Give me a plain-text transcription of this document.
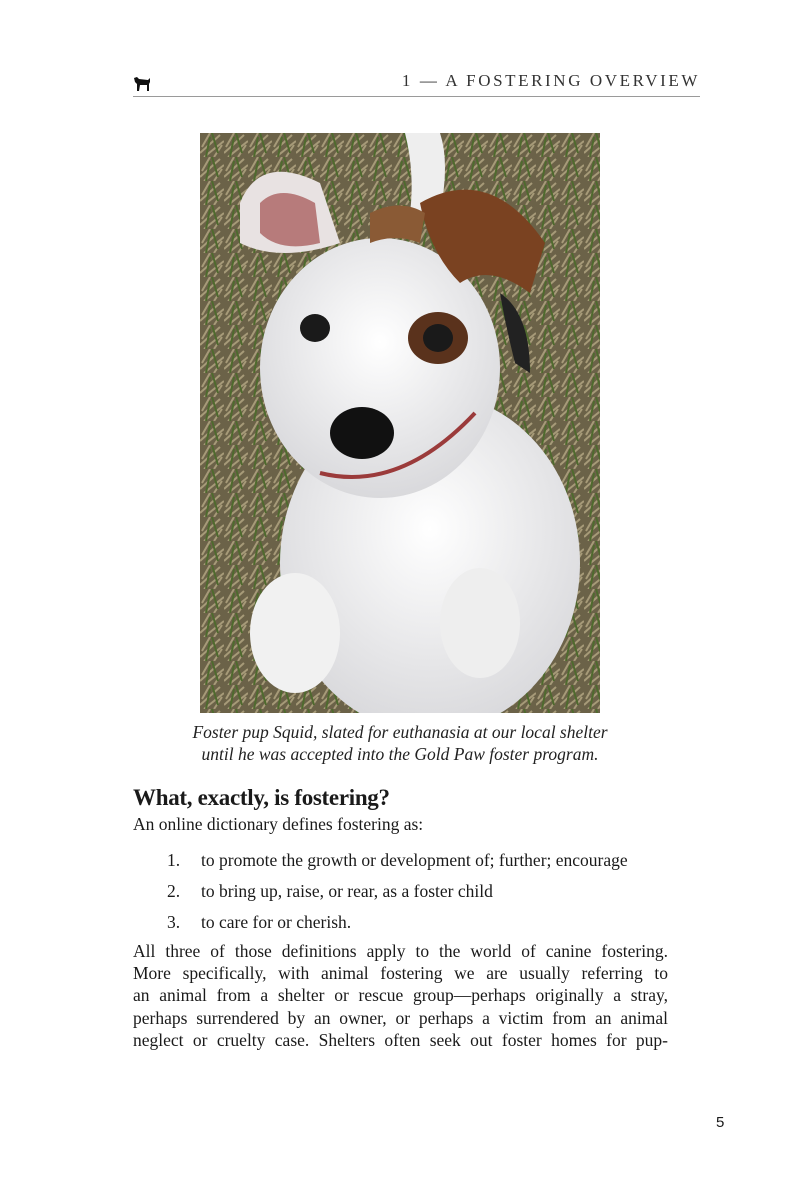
1 — A FOSTERING OVERVIEW
Foster pup Squid, slated for euthanasia at our local shelter
until he was accepted into the Gold Paw foster program.
What, exactly, is fostering?
An online dictionary defines fostering as:
1.	to promote the growth or development of; further; encourage
2.	to bring up, raise, or rear, as a foster child
3.	to care for or cherish.
All three of those definitions apply to the world of canine fostering.
More specifically, with animal fostering we are usually referring to
an animal from a shelter or rescue group—perhaps originally a stray,
perhaps surrendered by an owner, or perhaps a victim from an animal
neglect or cruelty case. Shelters often seek out foster homes for pup-
5
